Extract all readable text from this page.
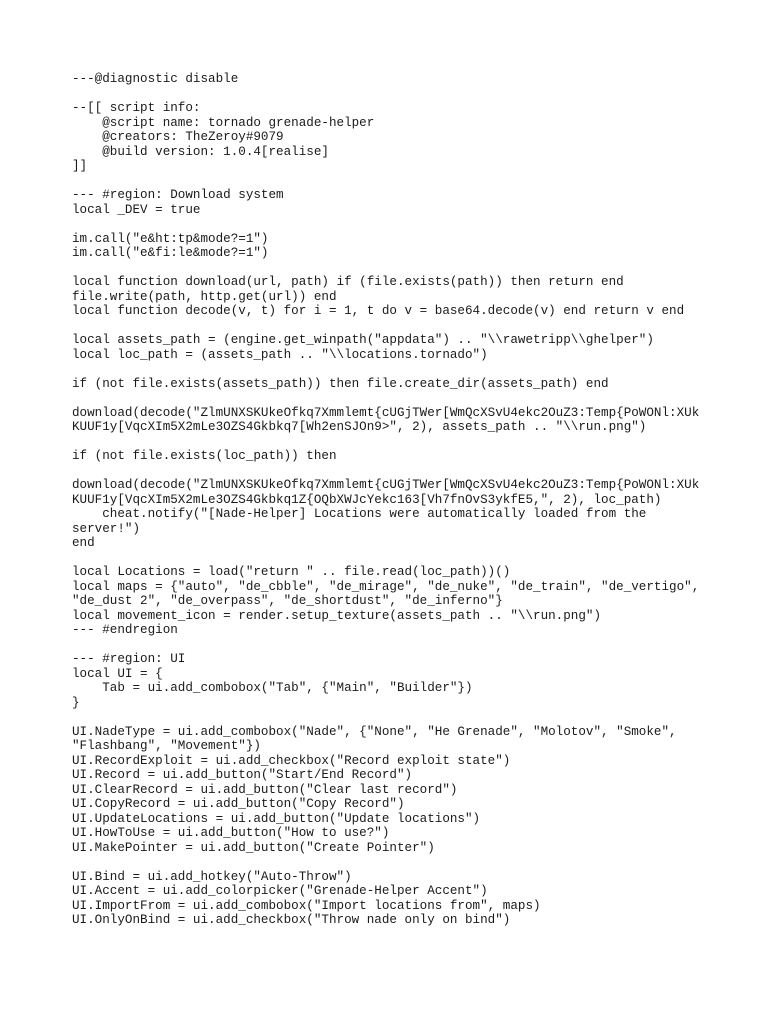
---@diagnostic disable
--[[ script info:
@script name: tornado grenade-helper
@creators: TheZeroy#9079
@build version: 1.0.4[realise]
]]
--- #region: Download system
local _DEV = true
im.call("e&ht:tp&mode?=1")
im.call("e&fi:le&mode?=1")
local function download(url, path) if (file.exists(path)) then return end
file.write(path, http.get(url)) end
local function decode(v, t) for i = 1, t do v = base64.decode(v) end return v end
local assets_path = (engine.get_winpath("appdata") .. "\\rawetripp\\ghelper")
local loc_path = (assets_path .. "\\locations.tornado")
if (not file.exists(assets_path)) then file.create_dir(assets_path) end
download(decode("ZlmUNXSKUkeOfkq7Xmmlemt{cUGjTWer[WmQcXSvU4ekc2OuZ3:Temp{PoWONl:XUk
KUUF1y[VqcXIm5X2mLe3OZS4Gkbkq7[Wh2enSJOn9>", 2), assets_path .. "\\run.png")
if (not file.exists(loc_path)) then
download(decode("ZlmUNXSKUkeOfkq7Xmmlemt{cUGjTWer[WmQcXSvU4ekc2OuZ3:Temp{PoWONl:XUk
KUUF1y[VqcXIm5X2mLe3OZS4Gkbkq1Z{OQbXWJcYekc163[Vh7fnOvS3ykfE5,", 2), loc_path)
cheat.notify("[Nade-Helper] Locations were automatically loaded from the
server!")
end
local Locations = load("return " .. file.read(loc_path))()
local maps = {"auto", "de_cbble", "de_mirage", "de_nuke", "de_train", "de_vertigo",
"de_dust 2", "de_overpass", "de_shortdust", "de_inferno"}
local movement_icon = render.setup_texture(assets_path .. "\\run.png")
--- #endregion
--- #region: UI
local UI = {
Tab = ui.add_combobox("Tab", {"Main", "Builder"})
}
UI.NadeType = ui.add_combobox("Nade", {"None", "He Grenade", "Molotov", "Smoke",
"Flashbang", "Movement"})
UI.RecordExploit = ui.add_checkbox("Record exploit state")
UI.Record = ui.add_button("Start/End Record")
UI.ClearRecord = ui.add_button("Clear last record")
UI.CopyRecord = ui.add_button("Copy Record")
UI.UpdateLocations = ui.add_button("Update locations")
UI.HowToUse = ui.add_button("How to use?")
UI.MakePointer = ui.add_button("Create Pointer")
UI.Bind = ui.add_hotkey("Auto-Throw")
UI.Accent = ui.add_colorpicker("Grenade-Helper Accent")
UI.ImportFrom = ui.add_combobox("Import locations from", maps)
UI.OnlyOnBind = ui.add_checkbox("Throw nade only on bind")
